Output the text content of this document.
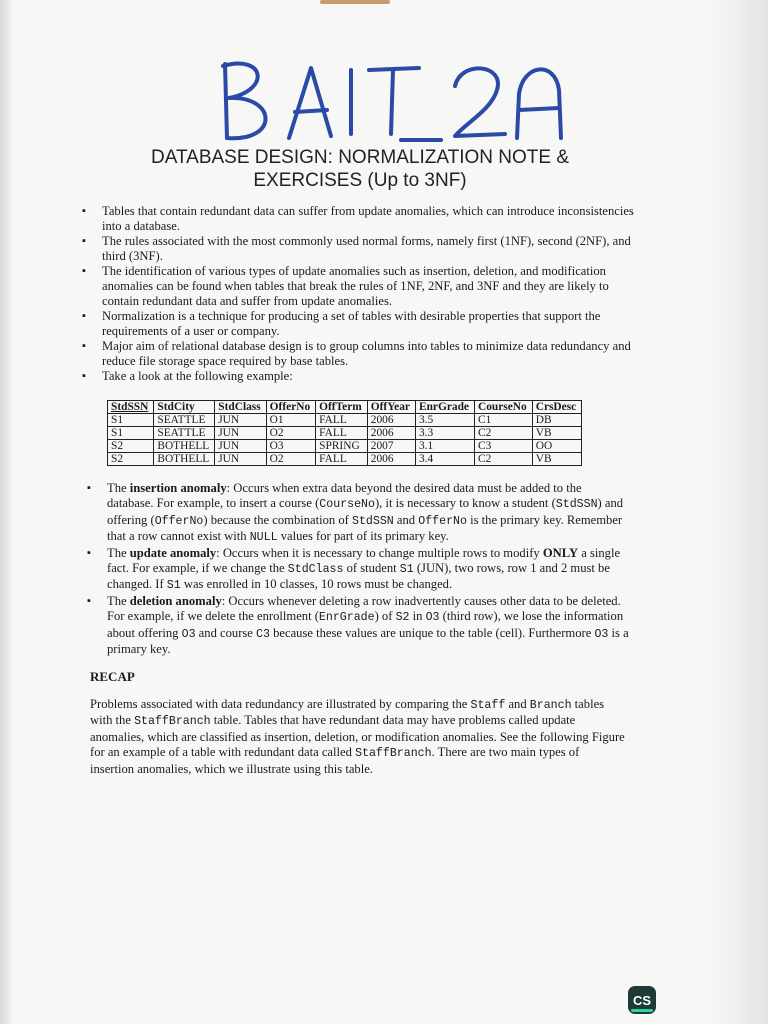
DATABASE DESIGN: NORMALIZATION NOTE &
EXERCISES (Up to 3NF)
▪ Tables that contain redundant data can suffer from update anomalies, which can introduce inconsistencies into a database.
▪ The rules associated with the most commonly used normal forms, namely first (1NF), second (2NF), and third (3NF).
▪ The identification of various types of update anomalies such as insertion, deletion, and modification anomalies can be found when tables that break the rules of 1NF, 2NF, and 3NF and they are likely to contain redundant data and suffer from update anomalies.
▪ Normalization is a technique for producing a set of tables with desirable properties that support the requirements of a user or company.
▪ Major aim of relational database design is to group columns into tables to minimize data redundancy and reduce file storage space required by base tables.
▪ Take a look at the following example:
StdSSN	StdCity	StdClass	OfferNo	OffTerm	OffYear	EnrGrade	CourseNo	CrsDesc
S1	SEATTLE	JUN	O1	FALL	2006	3.5	C1	DB
S1	SEATTLE	JUN	O2	FALL	2006	3.3	C2	VB
S2	BOTHELL	JUN	O3	SPRING	2007	3.1	C3	OO
S2	BOTHELL	JUN	O2	FALL	2006	3.4	C2	VB
▪ The insertion anomaly: Occurs when extra data beyond the desired data must be added to the database. For example, to insert a course (CourseNo), it is necessary to know a student (StdSSN) and offering (OfferNo) because the combination of StdSSN and OfferNo is the primary key. Remember that a row cannot exist with NULL values for part of its primary key.
▪ The update anomaly: Occurs when it is necessary to change multiple rows to modify ONLY a single fact. For example, if we change the StdClass of student S1 (JUN), two rows, row 1 and 2 must be changed. If S1 was enrolled in 10 classes, 10 rows must be changed.
▪ The deletion anomaly: Occurs whenever deleting a row inadvertently causes other data to be deleted. For example, if we delete the enrollment (EnrGrade) of S2 in O3 (third row), we lose the information about offering O3 and course C3 because these values are unique to the table (cell). Furthermore O3 is a primary key.
RECAP
Problems associated with data redundancy are illustrated by comparing the Staff and Branch tables with the StaffBranch table. Tables that have redundant data may have problems called update anomalies, which are classified as insertion, deletion, or modification anomalies. See the following Figure for an example of a table with redundant data called StaffBranch. There are two main types of insertion anomalies, which we illustrate using this table.
CS
